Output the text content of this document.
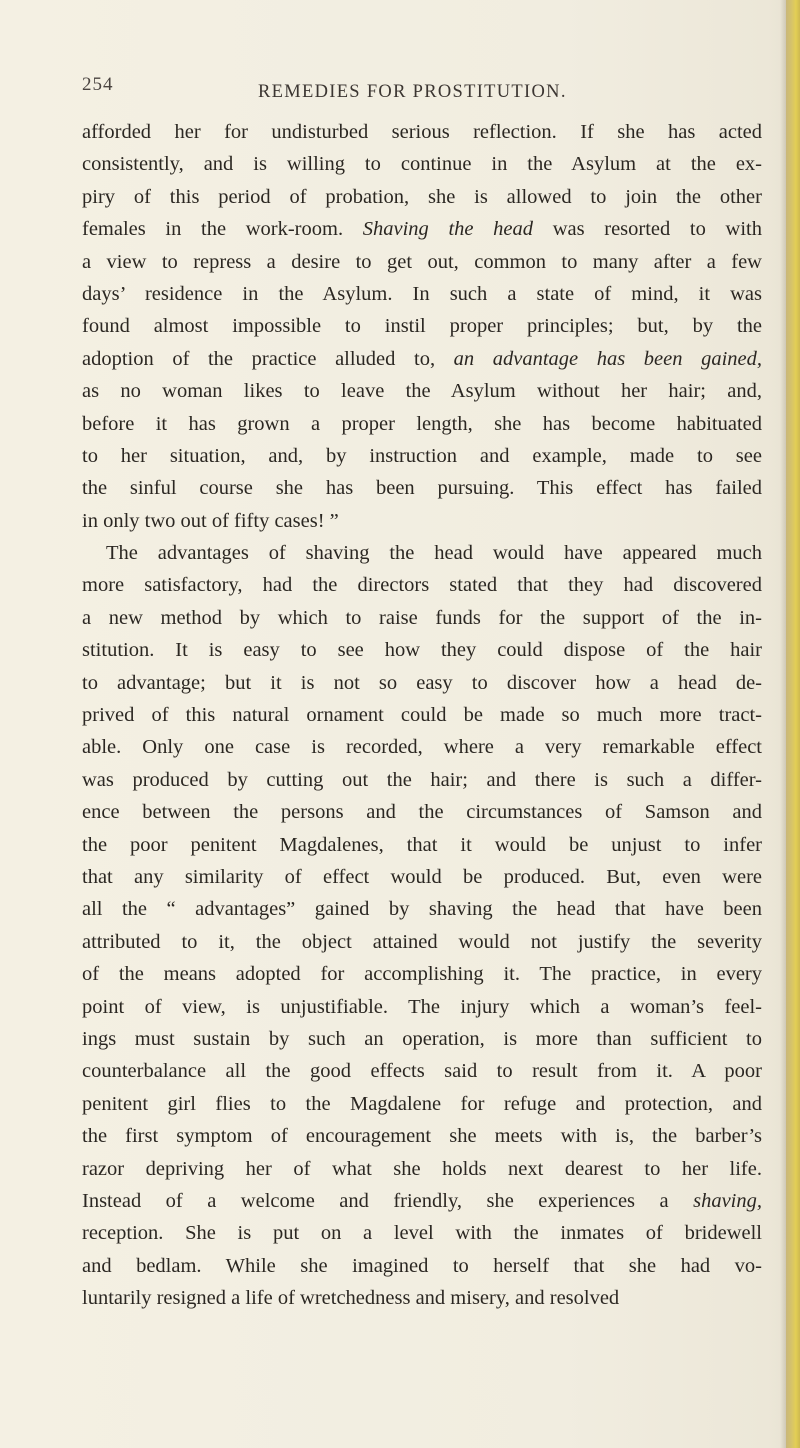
254	REMEDIES FOR PROSTITUTION.
afforded her for undisturbed serious reflection. If she has acted
consistently, and is willing to continue in the Asylum at the ex-
piry of this period of probation, she is allowed to join the other
females in the work-room. Shaving the head was resorted to with
a view to repress a desire to get out, common to many after a few
days’ residence in the Asylum. In such a state of mind, it was
found almost impossible to instil proper principles; but, by the
adoption of the practice alluded to, an advantage has been gained,
as no woman likes to leave the Asylum without her hair; and,
before it has grown a proper length, she has become habituated
to her situation, and, by instruction and example, made to see
the sinful course she has been pursuing. This effect has failed
in only two out of fifty cases! ”
The advantages of shaving the head would have appeared much
more satisfactory, had the directors stated that they had discovered
a new method by which to raise funds for the support of the in-
stitution. It is easy to see how they could dispose of the hair
to advantage; but it is not so easy to discover how a head de-
prived of this natural ornament could be made so much more tract-
able. Only one case is recorded, where a very remarkable effect
was produced by cutting out the hair; and there is such a differ-
ence between the persons and the circumstances of Samson and
the poor penitent Magdalenes, that it would be unjust to infer
that any similarity of effect would be produced. But, even were
all the “ advantages” gained by shaving the head that have been
attributed to it, the object attained would not justify the severity
of the means adopted for accomplishing it. The practice, in every
point of view, is unjustifiable. The injury which a woman’s feel-
ings must sustain by such an operation, is more than sufficient to
counterbalance all the good effects said to result from it. A poor
penitent girl flies to the Magdalene for refuge and protection, and
the first symptom of encouragement she meets with is, the barber’s
razor depriving her of what she holds next dearest to her life.
Instead of a welcome and friendly, she experiences a shaving,
reception. She is put on a level with the inmates of bridewell
and bedlam. While she imagined to herself that she had vo-
luntarily resigned a life of wretchedness and misery, and resolved
